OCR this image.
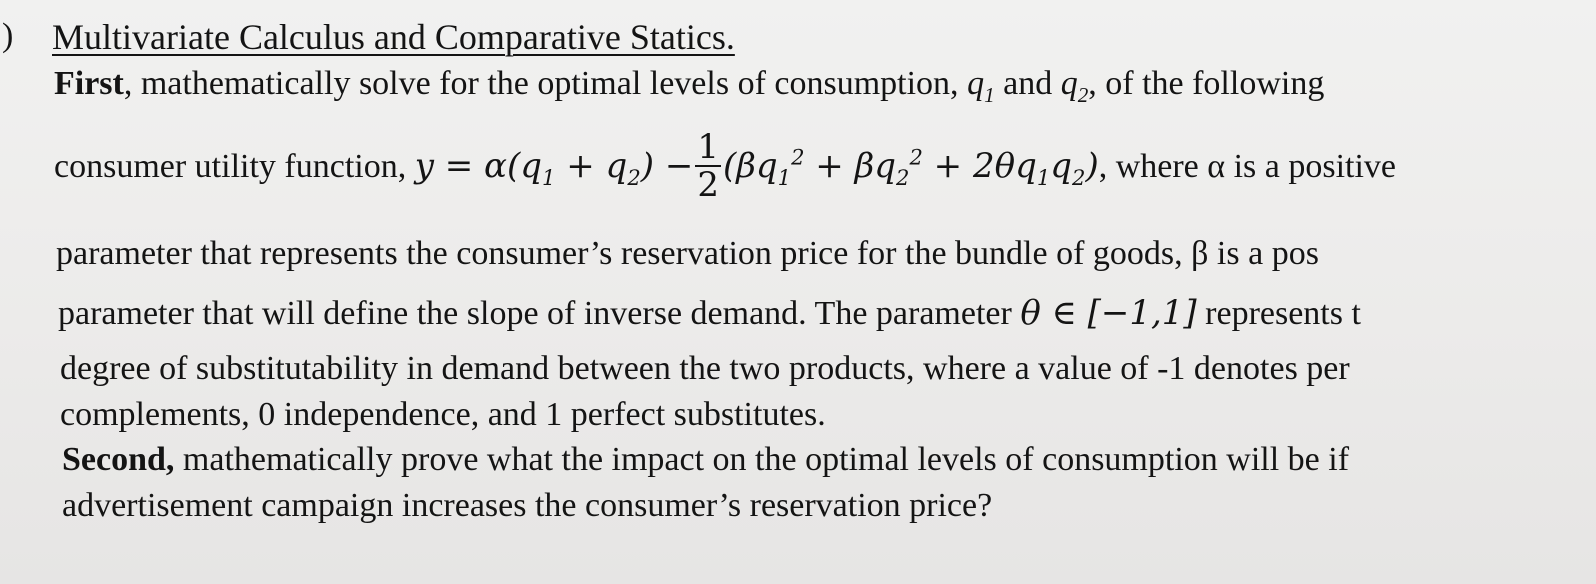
) Multivariate Calculus and Comparative Statics.
First, mathematically solve for the optimal levels of consumption, $q_1$ and $q_2$, of the following
consumer utility function, $y = \alpha(q_1 + q_2) - \frac{1}{2} (\beta q_1^2 + \beta q_2^2 + 2\theta q_1q_2)$, where α is a positive
parameter that represents the consumer’s reservation price for the bundle of goods, β is a pos
parameter that will define the slope of inverse demand. The parameter θ ∈ [−1,1] represents t
degree of substitutability in demand between the two products, where a value of -1 denotes per
complements, 0 independence, and 1 perfect substitutes.
Second, mathematically prove what the impact on the optimal levels of consumption will be if
advertisement campaign increases the consumer’s reservation price?
